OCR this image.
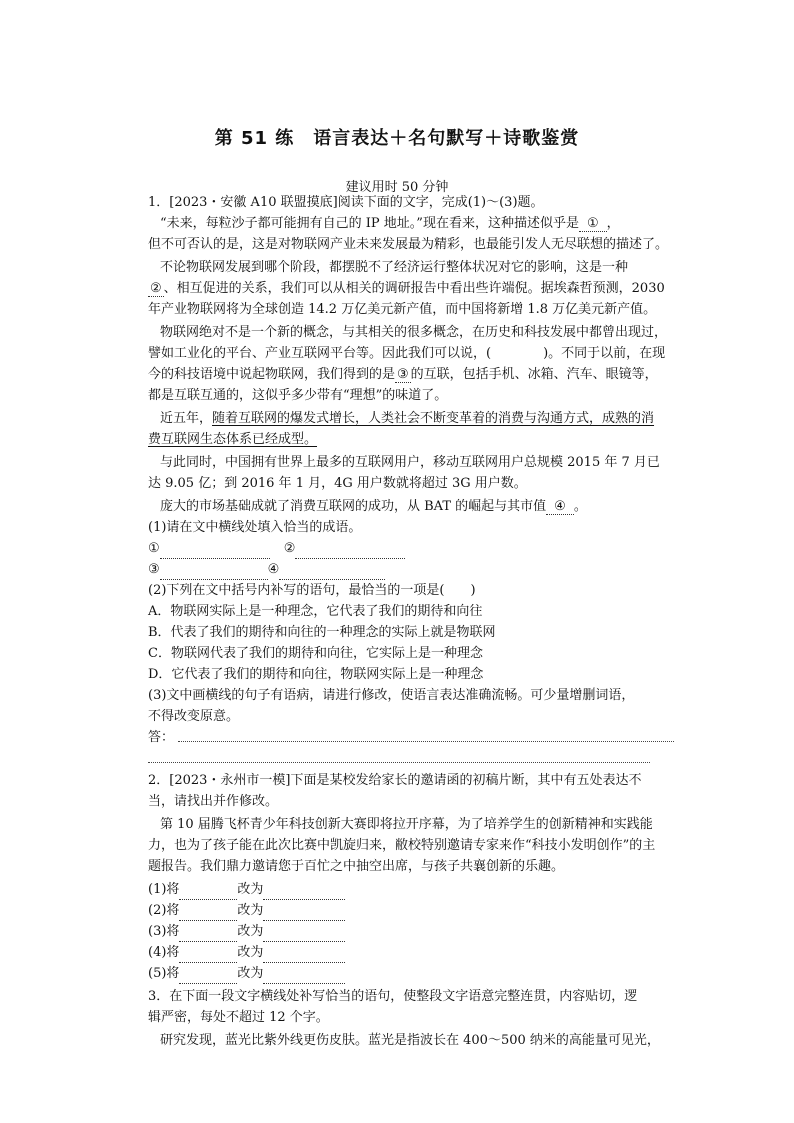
第 51 练　语言表达＋名句默写＋诗歌鉴赏
建议用时 50 分钟
1．[2023・安徽 A10 联盟摸底]阅读下面的文字，完成(1)～(3)题。
“未来，每粒沙子都可能拥有自己的 IP 地址。”现在看来，这种描述似乎是 ① ，
但不可否认的是，这是对物联网产业未来发展最为精彩，也最能引发人无尽联想的描述了。
不论物联网发展到哪个阶段，都摆脱不了经济运行整体状况对它的影响，这是一种
② 、相互促进的关系，我们可以从相关的调研报告中看出些许端倪。据埃森哲预测，2030
年产业物联网将为全球创造 14.2 万亿美元新产值，而中国将新增 1.8 万亿美元新产值。
物联网绝对不是一个新的概念，与其相关的很多概念，在历史和科技发展中都曾出现过，
譬如工业化的平台、产业互联网平台等。因此我们可以说，(　　　　)。不同于以前，在现
今的科技语境中说起物联网，我们得到的是 ③ 的互联，包括手机、冰箱、汽车、眼镜等，
都是互联互通的，这似乎多少带有“理想”的味道了。
近五年，随着互联网的爆发式增长，人类社会不断变革着的消费与沟通方式，成熟的消
费互联网生态体系已经成型。
与此同时，中国拥有世界上最多的互联网用户，移动互联网用户总规模 2015 年 7 月已
达 9.05 亿；到 2016 年 1 月，4G 用户数就将超过 3G 用户数。
庞大的市场基础成就了消费互联网的成功，从 BAT 的崛起与其市值 ④ 。
(1)请在文中横线处填入恰当的成语。
①	②
③	④
(2)下列在文中括号内补写的语句，最恰当的一项是(　　)
A．物联网实际上是一种理念，它代表了我们的期待和向往
B．代表了我们的期待和向往的一种理念的实际上就是物联网
C．物联网代表了我们的期待和向往，它实际上是一种理念
D．它代表了我们的期待和向往，物联网实际上是一种理念
(3)文中画横线的句子有语病，请进行修改，使语言表达准确流畅。可少量增删词语，
不得改变原意。
答：
2．[2023・永州市一模]下面是某校发给家长的邀请函的初稿片断，其中有五处表达不
当，请找出并作修改。
第 10 届腾飞杯青少年科技创新大赛即将拉开序幕，为了培养学生的创新精神和实践能
力，也为了孩子能在此次比赛中凯旋归来，敝校特别邀请专家来作“科技小发明创作”的主
题报告。我们鼎力邀请您于百忙之中抽空出席，与孩子共襄创新的乐趣。
(1)将	改为
(2)将	改为
(3)将	改为
(4)将	改为
(5)将	改为
3．在下面一段文字横线处补写恰当的语句，使整段文字语意完整连贯，内容贴切，逻
辑严密，每处不超过 12 个字。
研究发现，蓝光比紫外线更伤皮肤。蓝光是指波长在 400～500 纳米的高能量可见光，
